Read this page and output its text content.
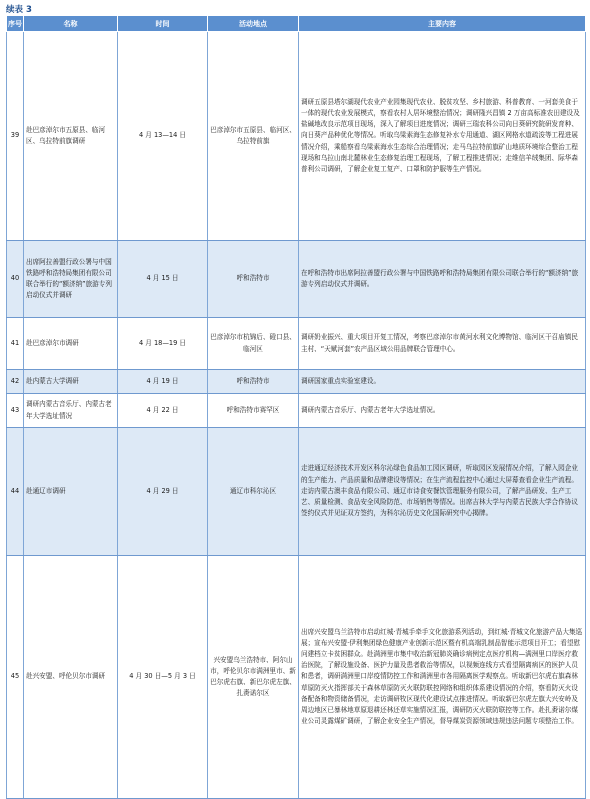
续表 3
序号	名称	时间	活动地点	主要内容
39	赴巴彦淖尔市五原县、临河区、乌拉特前旗调研	4 月 13—14 日	巴彦淖尔市五原县、临河区、乌拉特前旗	调研五原县塔尔湖现代农业产业园集现代农业、脱贫攻坚、乡村旅游、科普教育、一河套美食于一体的现代农业发展模式，察看农村人居环境整治情况；调研隆兴昌镇 2 万亩高标准农田建设及盐碱地改良示范项目现场，深入了解项目进度情况；调研三瑞农科公司向日葵研究院研发育种、向日葵产品种优化等情况。听取乌梁素海生态修复补水专用通道、湖区网格水道疏浚等工程进展情况介绍，乘船察看乌梁素海水生态综合治理情况；走马乌拉特前旗矿山地质环境综合整治工程现场和乌拉山南北麓林业生态修复治理工程现场，了解工程推进情况；走维信羊绒集团、际华森普利公司调研，了解企业复工复产、口罩和防护服等生产情况。
40	出席阿拉善盟行政公署与中国铁路呼和浩特局集团有限公司联合举行的“额济纳”旅游专列启动仪式并调研	4 月 15 日	呼和浩特市	在呼和浩特市出席阿拉善盟行政公署与中国铁路呼和浩特局集团有限公司联合举行的“额济纳”旅游专列启动仪式并调研。
41	赴巴彦淖尔市调研	4 月 18—19 日	巴彦淖尔市杭锦后、磴口县、临河区	调研奶业振兴、重大项目开复工情况，考察巴彦淖尔市黄河水利文化博物馆、临河区干召庙镇民主村、“天赋河套”农产品区域公用品牌联合管理中心。
42	赴内蒙古大学调研	4 月 19 日	呼和浩特市	调研国家重点实验室建设。
43	调研内蒙古音乐厅、内蒙古老年大学选址情况	4 月 22 日	呼和浩特市赛罕区	调研内蒙古音乐厅、内蒙古老年大学选址情况。
44	赴通辽市调研	4 月 29 日	通辽市科尔沁区	走进通辽经济技术开发区科尔沁绿色食品加工园区调研，听取园区发展情况介绍，了解入园企业的生产能力、产品质量和品牌建设等情况；在生产流程监控中心通过大屏幕查看企业生产流程。走访内蒙古澳丰食品有限公司、通辽市诗食安餐饮管理服务有限公司，了解产品研发、生产工艺、质量检测、食品安全风险防范、市场销售等情况。出席吉林大学与内蒙古民族大学合作协议签约仪式并见证双方签约，为科尔沁历史文化国际研究中心揭牌。
45	赴兴安盟、呼伦贝尔市调研	4 月 30 日—5 月 3 日	兴安盟乌兰浩特市、阿尔山市，呼伦贝尔市满洲里市、新巴尔虎右旗、新巴尔虎左旗、扎赉诺尔区	出席兴安盟乌兰浩特市启动红城·青城手牵手文化旅游系列活动，到红城·青城文化旅游产品大集巡展；宣布兴安盟·伊利集团绿色健康产业创新示范区暨有机高端乳制品智能示范项目开工；看望慰问建档立卡贫困群众。赴满洲里市集中收治新冠肺炎确诊病例定点医疗机构—满洲里口岸医疗救治医院，了解设施设备、医护力量及患者救治等情况，以视频连线方式看望隔离病区的医护人员和患者，调研满洲里口岸疫情防控工作和满洲里市各用隔离医学观察点。听取新巴尔虎右旗森林草原防灭火指挥部关于森林草原防灭火联防联控网络和组织体系建设情况的介绍，察看防灭火设备配备和物资储备情况，走访调研牧区现代化建设试点推进情况。听取新巴尔虎左旗大兴安岭及周边地区已暴林地草原退耕还林还草实施情况汇报，调研防灭火联防联控等工作。赴扎赉诺尔煤业公司灵露煤矿调研，了解企业安全生产情况，督导煤炭资源领域违规违法问题专项整治工作。
